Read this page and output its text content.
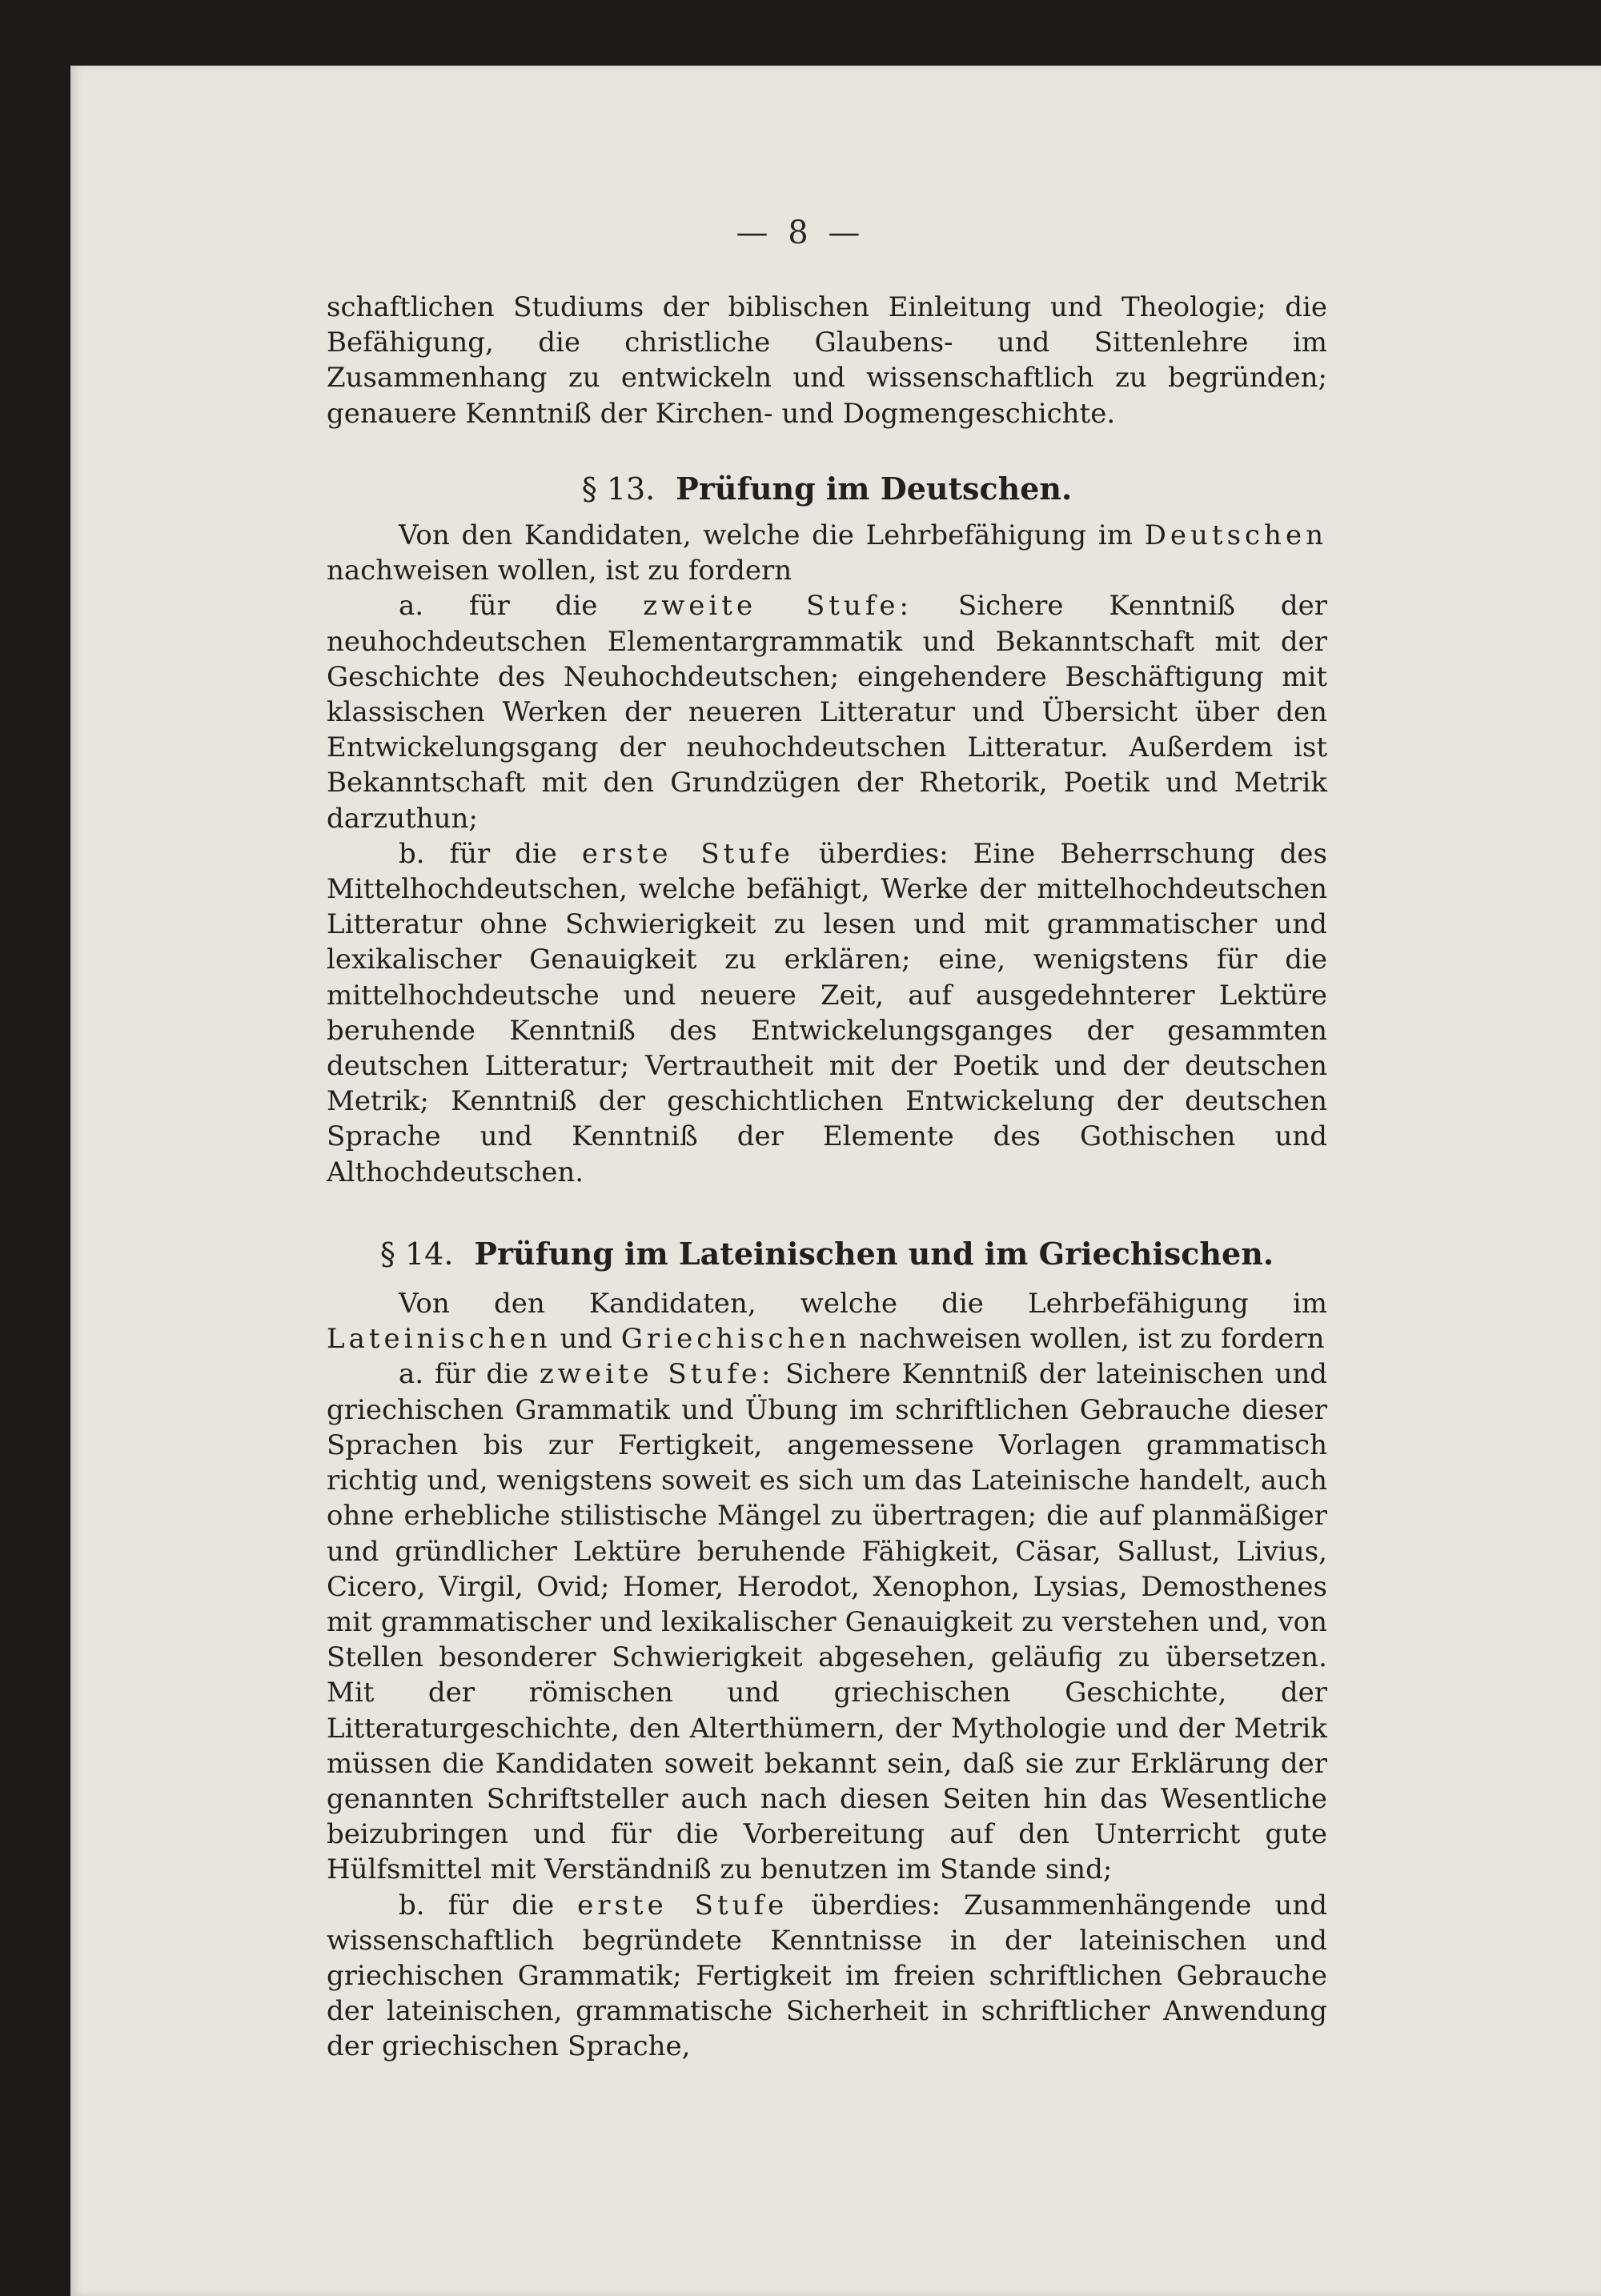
— 8 —

schaftlichen Studiums der biblischen Einleitung und Theologie; die Befähigung, die christliche Glaubens- und Sittenlehre im Zusammenhang zu entwickeln und wissenschaftlich zu begründen; genauere Kenntniß der Kirchen- und Dogmengeschichte.

§ 13. Prüfung im Deutschen.

Von den Kandidaten, welche die Lehrbefähigung im Deutschen nachweisen wollen, ist zu fordern

a. für die zweite Stufe: Sichere Kenntniß der neuhochdeutschen Elementargrammatik und Bekanntschaft mit der Geschichte des Neuhochdeutschen; eingehendere Beschäftigung mit klassischen Werken der neueren Litteratur und Übersicht über den Entwickelungsgang der neuhochdeutschen Litteratur. Außerdem ist Bekanntschaft mit den Grundzügen der Rhetorik, Poetik und Metrik darzuthun;

b. für die erste Stufe überdies: Eine Beherrschung des Mittelhochdeutschen, welche befähigt, Werke der mittelhochdeutschen Litteratur ohne Schwierigkeit zu lesen und mit grammatischer und lexikalischer Genauigkeit zu erklären; eine, wenigstens für die mittelhochdeutsche und neuere Zeit, auf ausgedehnterer Lektüre beruhende Kenntniß des Entwickelungsganges der gesammten deutschen Litteratur; Vertrautheit mit der Poetik und der deutschen Metrik; Kenntniß der geschichtlichen Entwickelung der deutschen Sprache und Kenntniß der Elemente des Gothischen und Althochdeutschen.

§ 14. Prüfung im Lateinischen und im Griechischen.

Von den Kandidaten, welche die Lehrbefähigung im Lateinischen und Griechischen nachweisen wollen, ist zu fordern

a. für die zweite Stufe: Sichere Kenntniß der lateinischen und griechischen Grammatik und Übung im schriftlichen Gebrauche dieser Sprachen bis zur Fertigkeit, angemessene Vorlagen grammatisch richtig und, wenigstens soweit es sich um das Lateinische handelt, auch ohne erhebliche stilistische Mängel zu übertragen; die auf planmäßiger und gründlicher Lektüre beruhende Fähigkeit, Cäsar, Sallust, Livius, Cicero, Virgil, Ovid; Homer, Herodot, Xenophon, Lysias, Demosthenes mit grammatischer und lexikalischer Genauigkeit zu verstehen und, von Stellen besonderer Schwierigkeit abgesehen, geläufig zu übersetzen. Mit der römischen und griechischen Geschichte, der Litteraturgeschichte, den Alterthümern, der Mythologie und der Metrik müssen die Kandidaten soweit bekannt sein, daß sie zur Erklärung der genannten Schriftsteller auch nach diesen Seiten hin das Wesentliche beizubringen und für die Vorbereitung auf den Unterricht gute Hülfsmittel mit Verständniß zu benutzen im Stande sind;

b. für die erste Stufe überdies: Zusammenhängende und wissenschaftlich begründete Kenntnisse in der lateinischen und griechischen Grammatik; Fertigkeit im freien schriftlichen Gebrauche der lateinischen, grammatische Sicherheit in schriftlicher Anwendung der griechischen Sprache,
